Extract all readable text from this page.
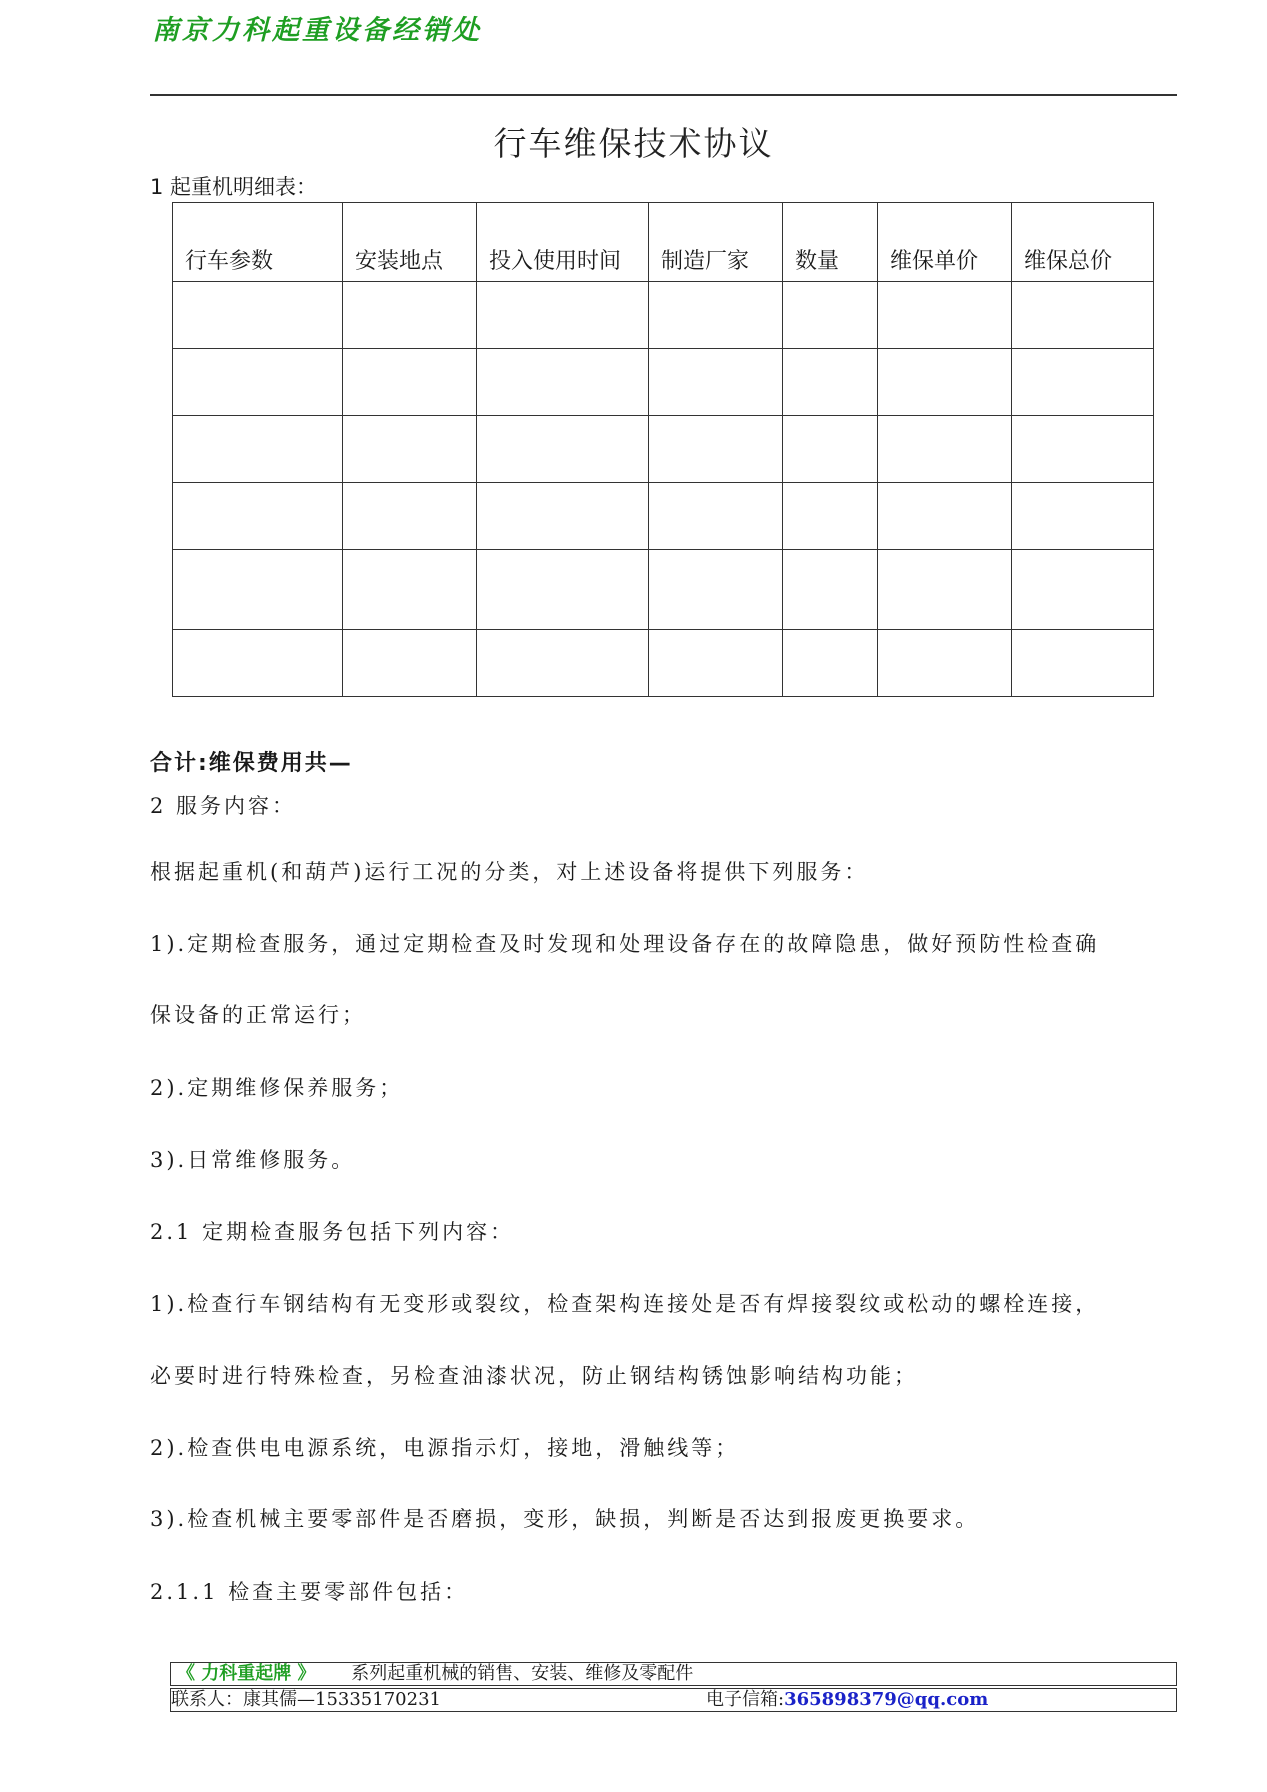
南京力科起重设备经销处
行车维保技术协议
1 起重机明细表：
行车参数	安装地点	投入使用时间	制造厂家	数量	维保单价	维保总价

合计:维保费用共—
2 服务内容：
根据起重机(和葫芦)运行工况的分类，对上述设备将提供下列服务：
1).定期检查服务，通过定期检查及时发现和处理设备存在的故障隐患，做好预防性检查确
保设备的正常运行；
2).定期维修保养服务；
3).日常维修服务。
2.1 定期检查服务包括下列内容：
1).检查行车钢结构有无变形或裂纹，检查架构连接处是否有焊接裂纹或松动的螺栓连接，
必要时进行特殊检查，另检查油漆状况，防止钢结构锈蚀影响结构功能；
2).检查供电电源系统，电源指示灯，接地，滑触线等；
3).检查机械主要零部件是否磨损，变形，缺损，判断是否达到报废更换要求。
2.1.1 检查主要零部件包括：
《 力科重起牌 》 系列起重机械的销售、安装、维修及零配件
联系人：康其儒—15335170231	电子信箱:365898379@qq.com
